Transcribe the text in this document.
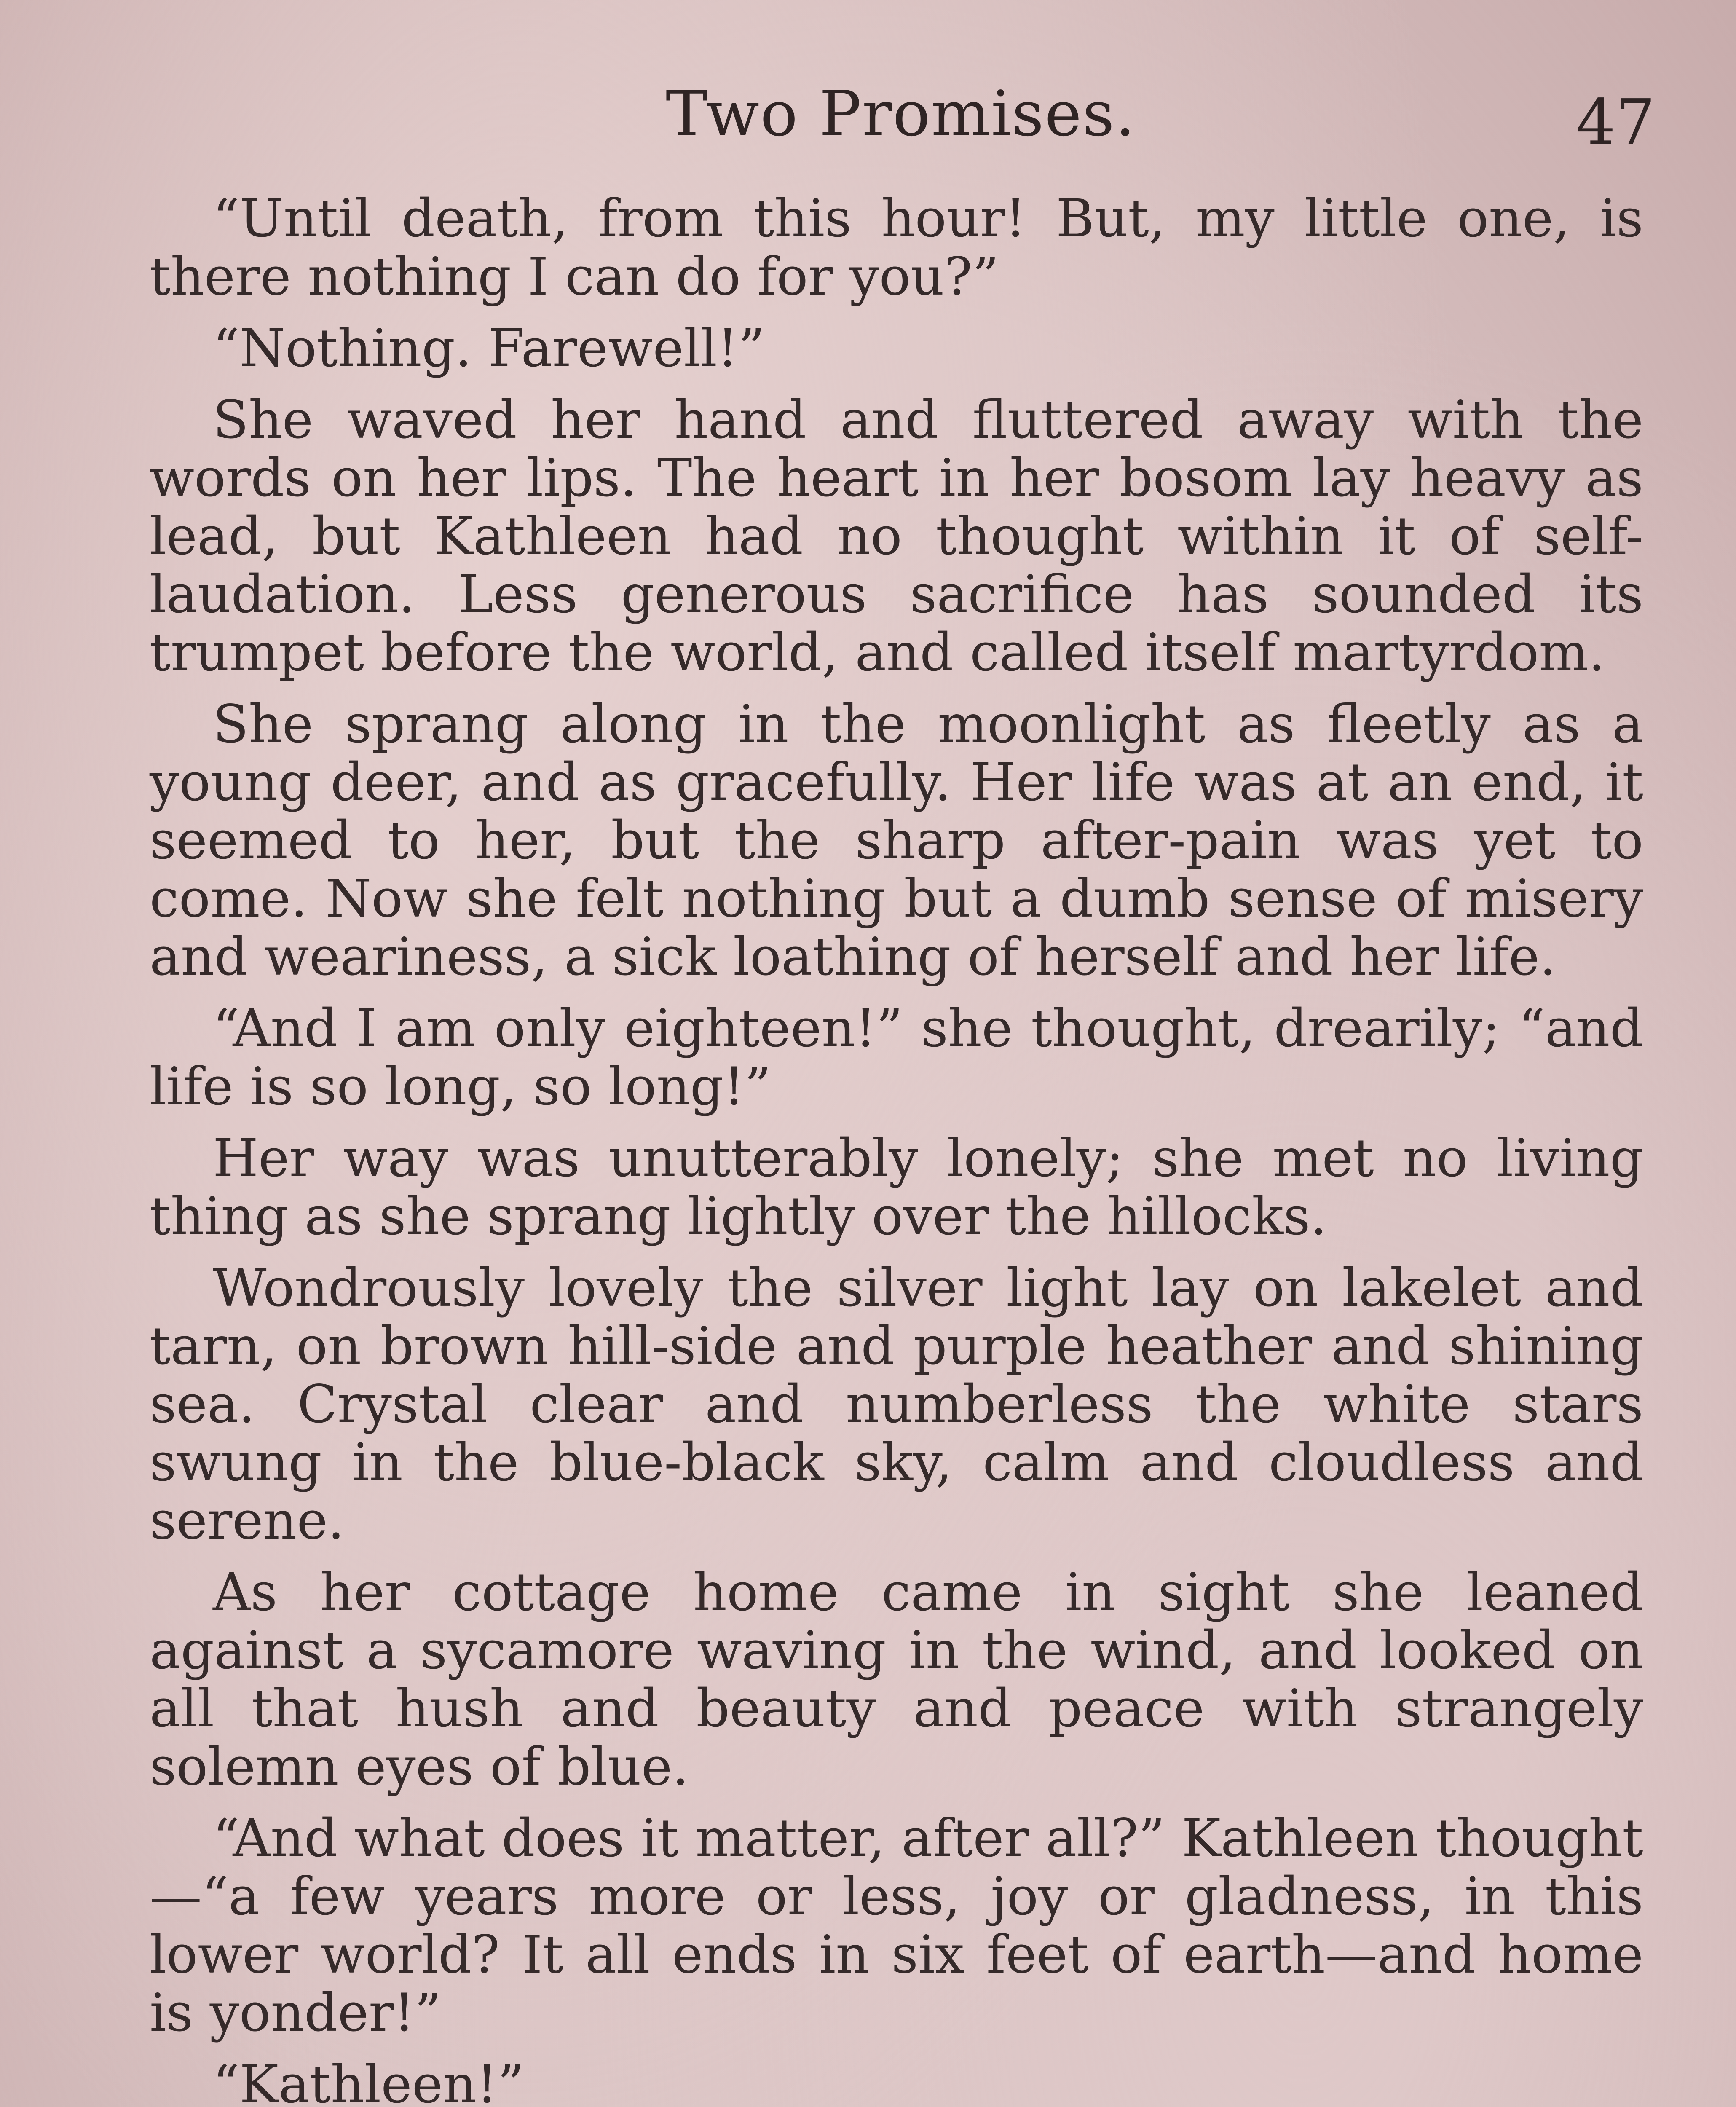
Two Promises.	47

“Until death, from this hour! But, my little one, is there nothing I can do for you?”

“Nothing. Farewell!”

She waved her hand and fluttered away with the words on her lips. The heart in her bosom lay heavy as lead, but Kathleen had no thought within it of self-laudation. Less generous sacrifice has sounded its trumpet before the world, and called itself martyrdom.

She sprang along in the moonlight as fleetly as a young deer, and as gracefully. Her life was at an end, it seemed to her, but the sharp after-pain was yet to come. Now she felt nothing but a dumb sense of misery and weariness, a sick loathing of herself and her life.

“And I am only eighteen!” she thought, drearily; “and life is so long, so long!”

Her way was unutterably lonely; she met no living thing as she sprang lightly over the hillocks.

Wondrously lovely the silver light lay on lakelet and tarn, on brown hill-side and purple heather and shining sea. Crystal clear and numberless the white stars swung in the blue-black sky, calm and cloudless and serene.

As her cottage home came in sight she leaned against a sycamore waving in the wind, and looked on all that hush and beauty and peace with strangely solemn eyes of blue.

“And what does it matter, after all?” Kathleen thought —“a few years more or less, joy or gladness, in this lower world? It all ends in six feet of earth—and home is yonder!”

“Kathleen!”
